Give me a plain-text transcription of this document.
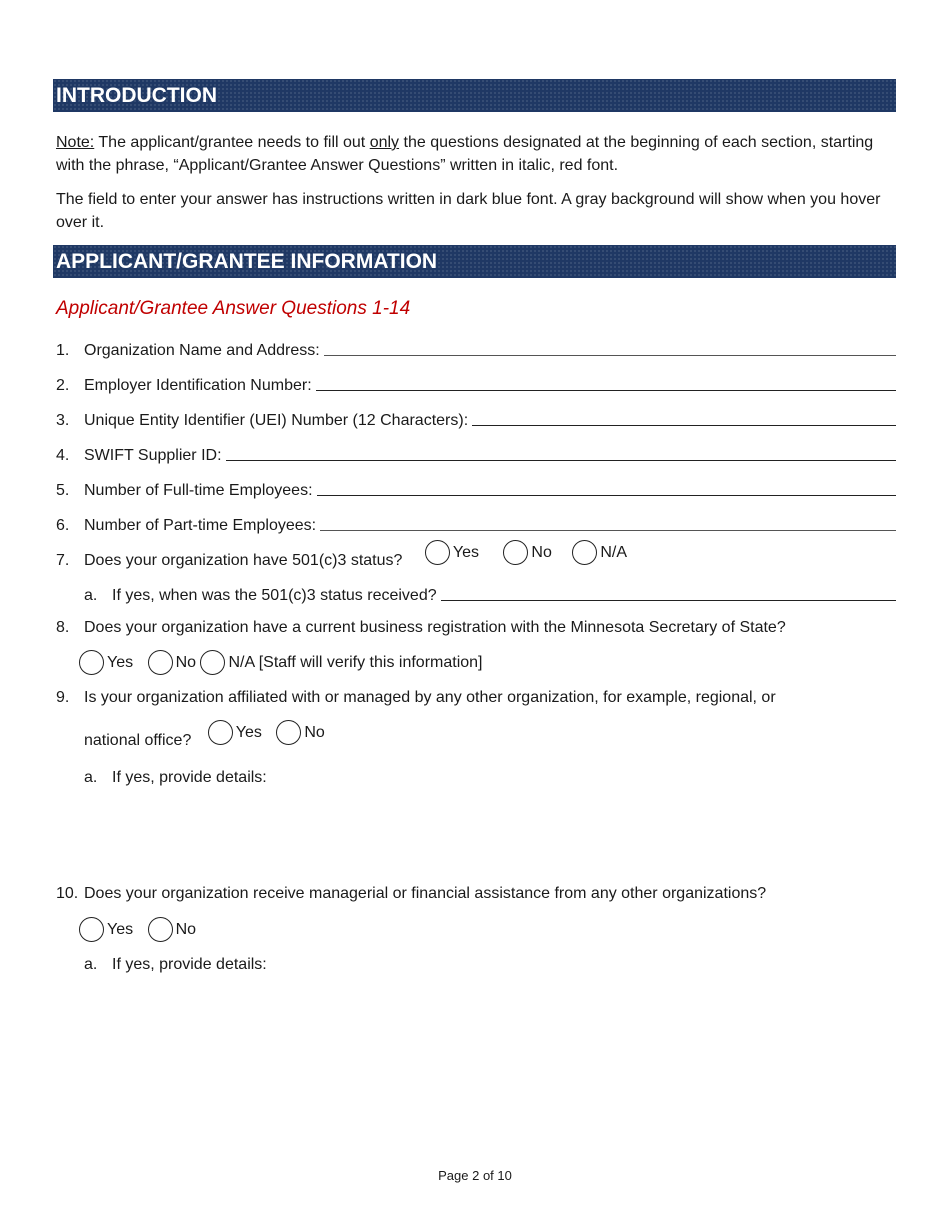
INTRODUCTION
Note: The applicant/grantee needs to fill out only the questions designated at the beginning of each section, starting with the phrase, “Applicant/Grantee Answer Questions” written in italic, red font.
The field to enter your answer has instructions written in dark blue font. A gray background will show when you hover over it.
APPLICANT/GRANTEE INFORMATION
Applicant/Grantee Answer Questions 1-14
1. Organization Name and Address:
2. Employer Identification Number:
3. Unique Entity Identifier (UEI) Number (12 Characters):
4. SWIFT Supplier ID:
5. Number of Full-time Employees:
6. Number of Part-time Employees:
7. Does your organization have 501(c)3 status?	Yes
	No
	N/A
a. If yes, when was the 501(c)3 status received?
8. Does your organization have a current business registration with the Minnesota Secretary of State?
Yes
	No
N/A [Staff will verify this information]
9. Is your organization affiliated with or managed by any other organization, for example, regional, or
national office?	Yes
	No
a. If yes, provide details:
10. Does your organization receive managerial or financial assistance from any other organizations?
Yes
	No
a. If yes, provide details:
Page 2 of 10
